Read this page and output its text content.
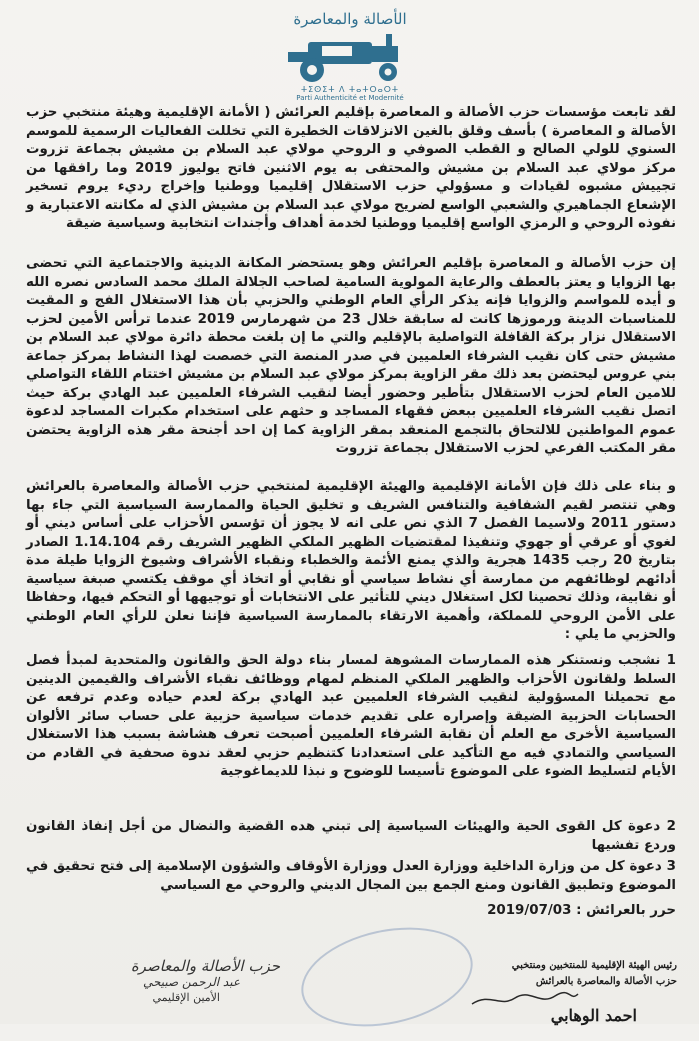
الأصالة والمعاصرة
ⵜⵉⵙⵉⵜ ⴷ ⵜⴰⵜⵔⴰⵔⵜ
Parti Authenticité et Modernité
لقد تابعت مؤسسات حزب الأصالة و المعاصرة بإقليم العرائش ( الأمانة الإقليمية وهيئة منتخبي حزب الأصالة و المعاصرة ) بأسف وقلق بالغين الانزلاقات الخطيرة التي تخللت الفعاليات الرسمية للموسم السنوي للولي الصالح و القطب الصوفي و الروحي مولاي عبد السلام بن مشيش بجماعة تزروت مركز مولاي عبد السلام بن مشيش والمحتفى به يوم الاثنين فاتح يوليوز 2019 وما رافقها من تجييش مشبوه لقيادات و مسؤولي حزب الاستقلال إقليميا ووطنيا وإخراج رديء يروم تسخير الإشعاع الجماهيري والشعبي الواسع لضريح مولاي عبد السلام بن مشيش الذي له مكانته الاعتبارية و نفوذه الروحي و الرمزي الواسع إقليميا ووطنيا لخدمة أهداف وأجندات انتخابية وسياسية ضيقة
إن حزب الأصالة و المعاصرة بإقليم العرائش وهو يستحضر المكانة الدينية والاجتماعية التي تحضى بها الزوايا و يعتز بالعطف والرعاية المولوية السامية لصاحب الجلالة الملك محمد السادس نصره الله و أيده للمواسم والزوايا فإنه يذكر الرأي العام الوطني والحزبي بأن هذا الاستغلال الفج و المقيت للمناسبات الدينة ورموزها كانت له سابقة خلال 23 من شهرمارس 2019 عندما ترأس الأمين لحزب الاستقلال نزار بركة القافلة التواصلية بالإقليم والتي ما إن بلغت محطة دائرة مولاي عبد السلام بن مشيش حتى كان نقيب الشرفاء العلميين في صدر المنصة التي خصصت لهذا النشاط بمركز جماعة بني عروس ليحتضن بعد ذلك مقر الزاوية بمركز مولاي عبد السلام بن مشيش اختتام اللقاء التواصلي للامين العام لحزب الاستقلال بتأطير وحضور أيضا لنقيب الشرفاء العلميين عبد الهادي بركة حيث اتصل نقيب الشرفاء العلميين ببعض فقهاء المساجد و حثهم على استخدام مكبرات المساجد لدعوة عموم المواطنين للالتحاق بالتجمع المنعقد بمقر الزاوية كما إن احد أجنحة مقر هذه الزاوية يحتضن مقر المكتب الفرعي لحزب الاستقلال بجماعة تزروت
و بناء على ذلك فإن الأمانة الإقليمية والهيئة الإقليمية لمنتخبي حزب الأصالة والمعاصرة بالعرائش وهي تنتصر لقيم الشفافية والتنافس الشريف و تخليق الحياة والممارسة السياسية التي جاء بها دستور 2011 ولاسيما الفصل 7 الذي نص على انه لا يجوز أن تؤسس الأحزاب على أساس ديني أو لغوي أو عرقي أو جهوي وتنفيذا لمقتضيات الظهير الملكي الظهير الشريف رقم 1.14.104 الصادر بتاريخ 20 رجب 1435 هجرية والذي يمنع الأئمة والخطباء ونقباء الأشراف وشيوخ الزوايا طيلة مدة أدائهم لوظائفهم من ممارسة أي نشاط سياسي أو نقابي أو اتخاذ أي موقف يكتسي صبغة سياسية أو نقابية، وذلك تحصينا لكل استغلال ديني للتأثير على الانتخابات أو توجيهها أو التحكم فيها، وحفاظا على الأمن الروحي للمملكة، وأهمية الارتقاء بالممارسة السياسية فإننا نعلن للرأي العام الوطني والحزبي ما يلي :
1 نشجب ونستنكر هذه الممارسات المشوهة لمسار بناء دولة الحق والقانون والمتحدية لمبدأ فصل السلط ولقانون الأحزاب والظهير الملكي المنظم لمهام ووظائف نقباء الأشراف والقيمين الدينين مع تحميلنا المسؤولية لنقيب الشرفاء العلميين عبد الهادي بركة لعدم حياده وعدم ترفعه عن الحسابات الحزبية الضيقة وإصراره على تقديم خدمات سياسية حزبية على حساب سائر الألوان السياسية الأخرى مع العلم أن نقابة الشرفاء العلميين أصبحت تعرف هشاشة بسبب هذا الاستغلال السياسي والتمادي فيه مع التأكيد على استعدادنا كتنظيم حزبي لعقد ندوة صحفية في القادم من الأيام لتسليط الضوء على الموضوع تأسيسا للوضوح و نبذا للديماغوجية
2 دعوة كل القوى الحية والهيئات السياسية إلى تبني هده القضية والنضال من أجل إنفاذ القانون وردع تفشيها
3 دعوة كل من وزارة الداخلية ووزارة العدل ووزارة الأوقاف والشؤون الإسلامية إلى فتح تحقيق في الموضوع وتطبيق القانون ومنع الجمع بين المجال الديني والروحي مع السياسي
حرر بالعرائش : 2019/07/03
رئيس الهيئة الإقليمية للمنتخبين ومنتخبي
حزب الأصالة والمعاصرة بالعرائش
احمد الوهابي
حزب الأصالة والمعاصرة
عبد الرحمن صبيحي
الأمين الإقليمي
